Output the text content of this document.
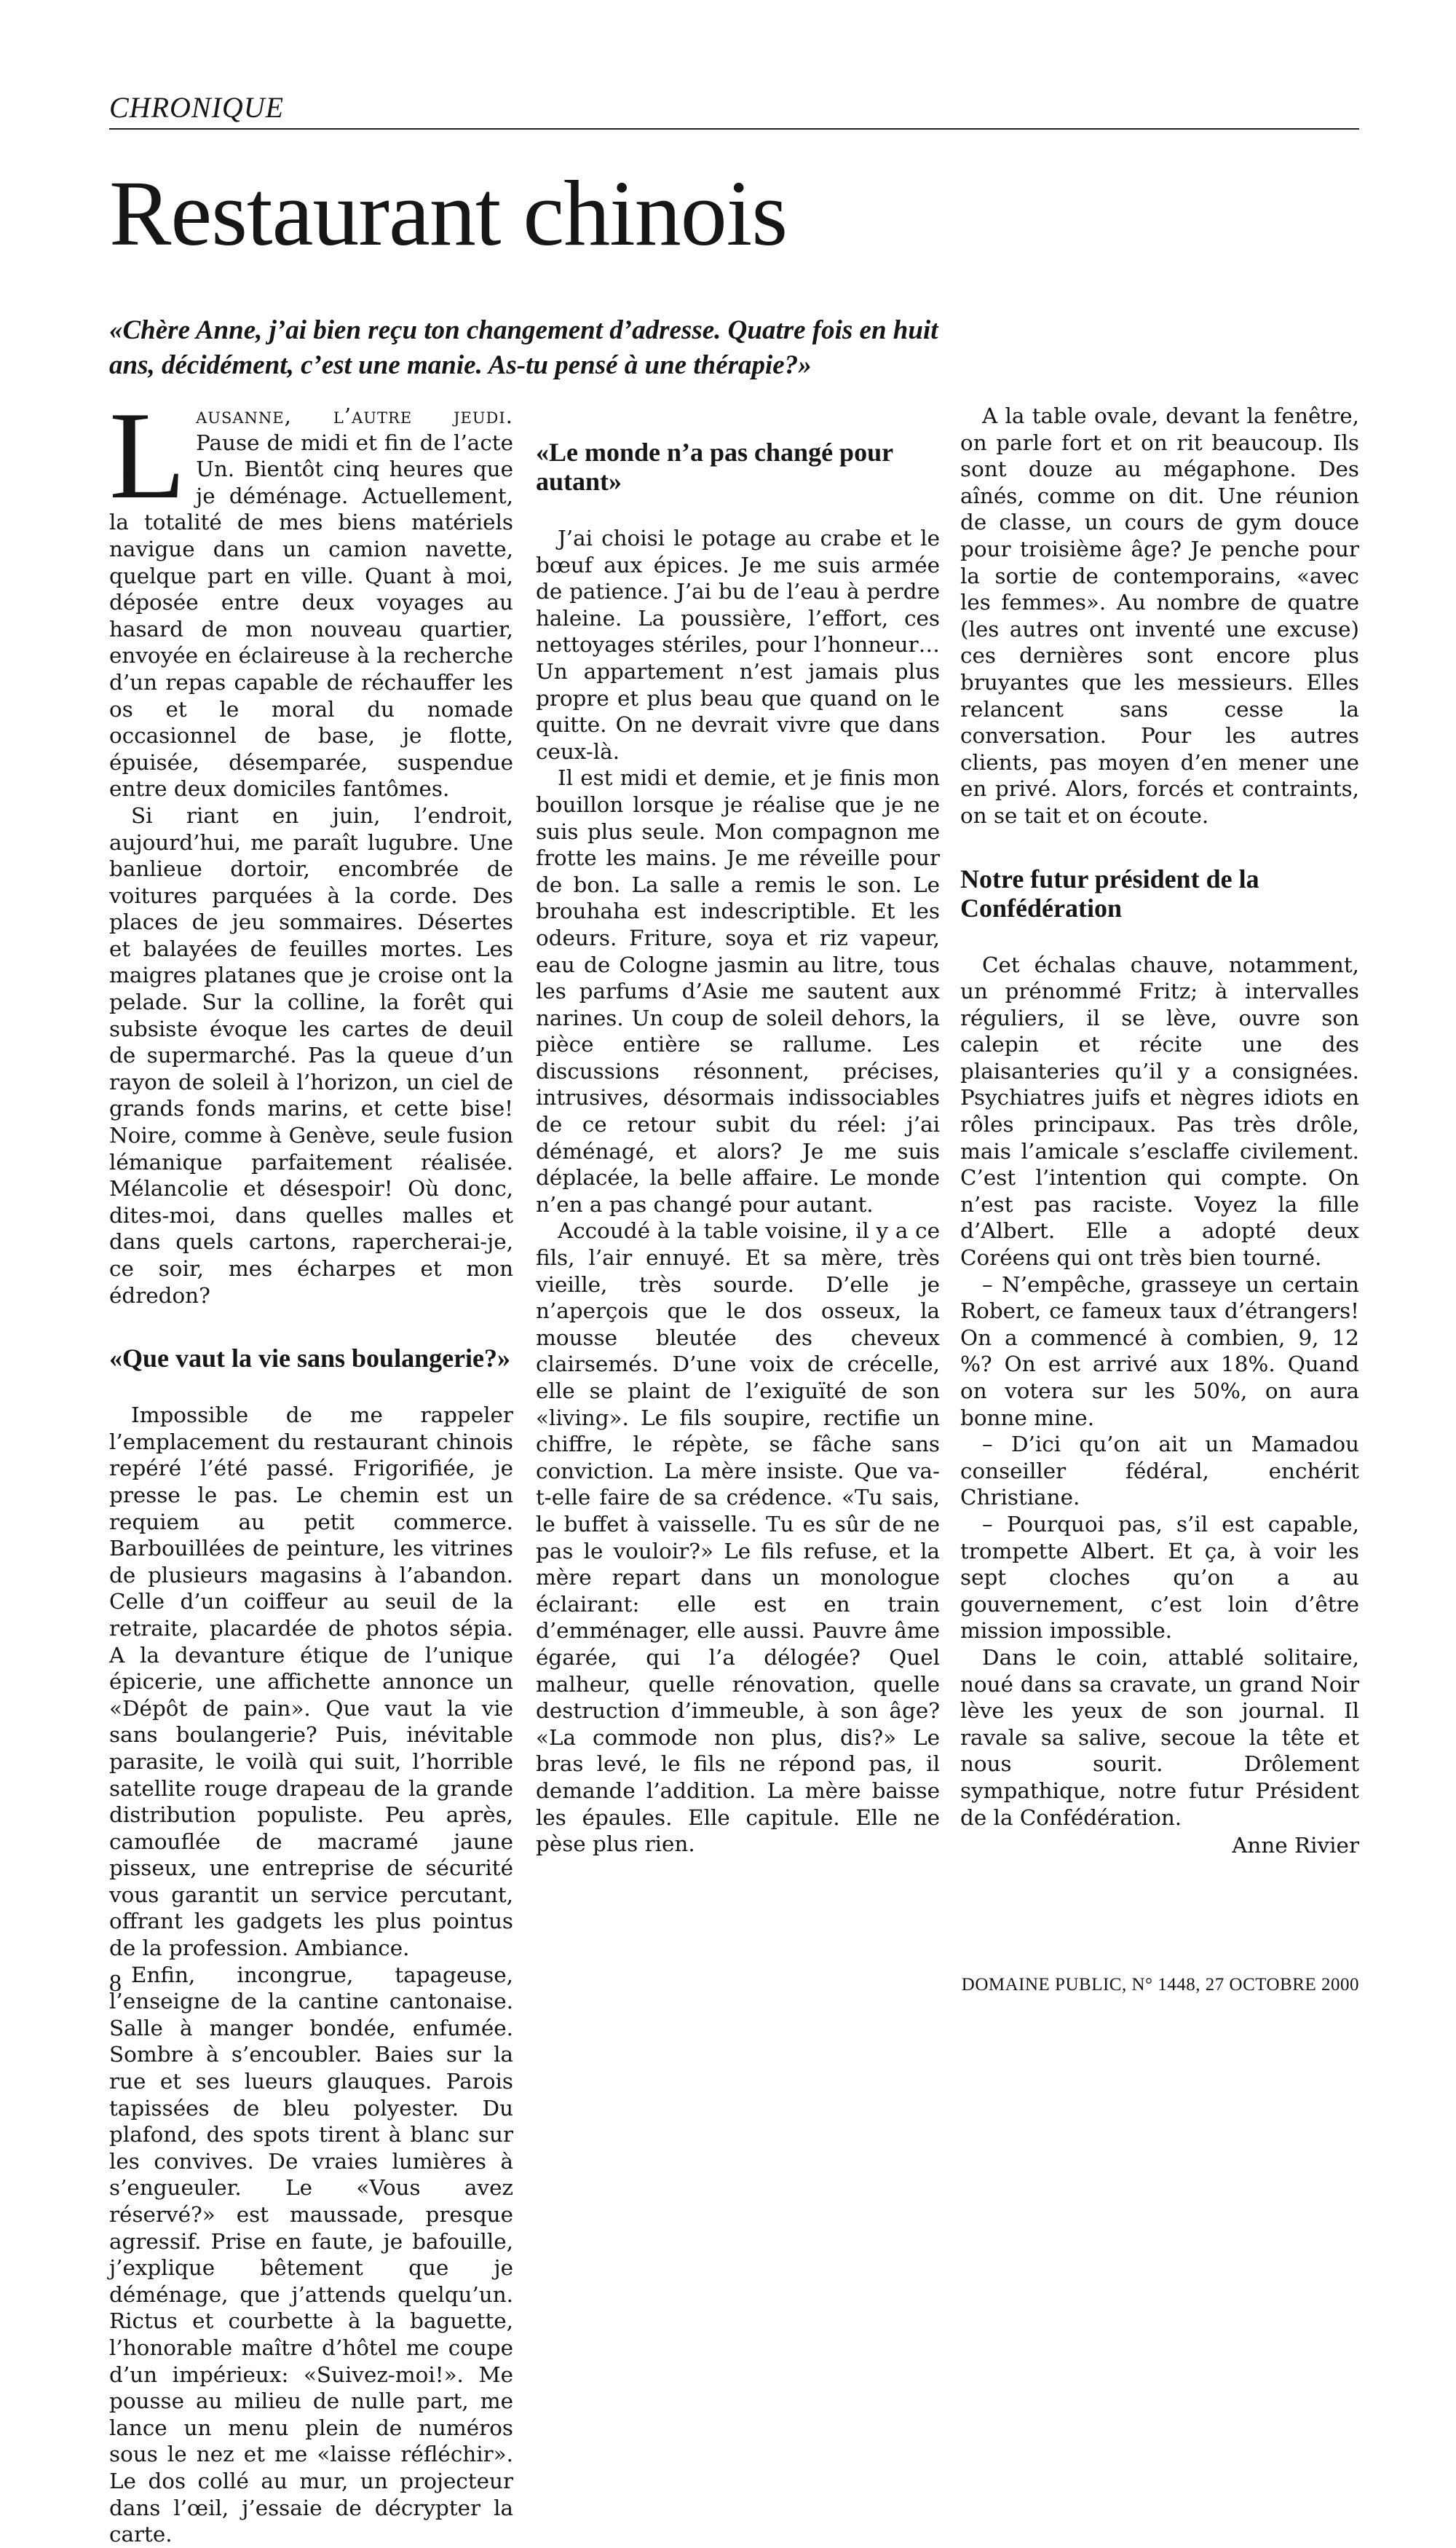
CHRONIQUE
Restaurant chinois

«Chère Anne, j’ai bien reçu ton changement d’adresse. Quatre fois en huit

ans, décidément, c’est une manie. As-tu pensé à une thérapie?»

Lausanne, l’autre jeudi. Pause de midi et fin de l’acte Un. Bientôt cinq heures que je déménage. Actuellement, la totalité de mes biens matériels navigue dans un camion navette, quelque part en ville. Quant à moi, déposée entre deux voyages au hasard de mon nouveau quartier, envoyée en éclaireuse à la recherche d’un repas capable de réchauffer les os et le moral du nomade occasionnel de base, je flotte, épuisée, désemparée, suspendue entre deux domiciles fantômes.

Si riant en juin, l’endroit, aujourd’hui, me paraît lugubre. Une banlieue dortoir, encombrée de voitures parquées à la corde. Des places de jeu sommaires. Désertes et balayées de feuilles mortes. Les maigres platanes que je croise ont la pelade. Sur la colline, la forêt qui subsiste évoque les cartes de deuil de supermarché. Pas la queue d’un rayon de soleil à l’horizon, un ciel de grands fonds marins, et cette bise! Noire, comme à Genève, seule fusion lémanique parfaitement réalisée. Mélancolie et désespoir! Où donc, dites-moi, dans quelles malles et dans quels cartons, rapercherai-je, ce soir, mes écharpes et mon édredon?

«Que vaut la vie sans boulangerie?»

Impossible de me rappeler l’emplacement du restaurant chinois repéré l’été passé. Frigorifiée, je presse le pas. Le chemin est un requiem au petit commerce. Barbouillées de peinture, les vitrines de plusieurs magasins à l’abandon. Celle d’un coiffeur au seuil de la retraite, placardée de photos sépia. A la devanture étique de l’unique épicerie, une affichette annonce un «Dépôt de pain». Que vaut la vie sans boulangerie? Puis, inévitable parasite, le voilà qui suit, l’horrible satellite rouge drapeau de la grande distribution populiste. Peu après, camouflée de macramé jaune pisseux, une entreprise de sécurité vous garantit un service percutant, offrant les gadgets les plus pointus de la profession. Ambiance.

Enfin, incongrue, tapageuse, l’enseigne de la cantine cantonaise. Salle à manger bondée, enfumée. Sombre à s’encoubler. Baies sur la rue et ses lueurs glauques. Parois tapissées de bleu polyester. Du plafond, des spots tirent à blanc sur les convives. De vraies lumières à s’engueuler. Le «Vous avez réservé?» est maussade, presque agressif. Prise en faute, je bafouille, j’explique bêtement que je déménage, que j’attends quelqu’un. Rictus et courbette à la baguette, l’honorable maître d’hôtel me coupe d’un impérieux: «Suivez-moi!». Me pousse au milieu de nulle part, me lance un menu plein de numéros sous le nez et me «laisse réfléchir». Le dos collé au mur, un projecteur dans l’œil, j’essaie de décrypter la carte.

«Le monde n’a pas changé pour autant»

J’ai choisi le potage au crabe et le bœuf aux épices. Je me suis armée de patience. J’ai bu de l’eau à perdre haleine. La poussière, l’effort, ces nettoyages stériles, pour l’honneur… Un appartement n’est jamais plus propre et plus beau que quand on le quitte. On ne devrait vivre que dans ceux-là.

Il est midi et demie, et je finis mon bouillon lorsque je réalise que je ne suis plus seule. Mon compagnon me frotte les mains. Je me réveille pour de bon. La salle a remis le son. Le brouhaha est indescriptible. Et les odeurs. Friture, soya et riz vapeur, eau de Cologne jasmin au litre, tous les parfums d’Asie me sautent aux narines. Un coup de soleil dehors, la pièce entière se rallume. Les discussions résonnent, précises, intrusives, désormais indissociables de ce retour subit du réel: j’ai déménagé, et alors? Je me suis déplacée, la belle affaire. Le monde n’en a pas changé pour autant.

Accoudé à la table voisine, il y a ce fils, l’air ennuyé. Et sa mère, très vieille, très sourde. D’elle je n’aperçois que le dos osseux, la mousse bleutée des cheveux clairsemés. D’une voix de crécelle, elle se plaint de l’exiguïté de son «living». Le fils soupire, rectifie un chiffre, le répète, se fâche sans conviction. La mère insiste. Que va-t-elle faire de sa crédence. «Tu sais, le buffet à vaisselle. Tu es sûr de ne pas le vouloir?» Le fils refuse, et la mère repart dans un monologue éclairant: elle est en train d’emménager, elle aussi. Pauvre âme égarée, qui l’a délogée? Quel malheur, quelle rénovation, quelle destruction d’immeuble, à son âge? «La commode non plus, dis?» Le bras levé, le fils ne répond pas, il demande l’addition. La mère baisse les épaules. Elle capitule. Elle ne pèse plus rien.

A la table ovale, devant la fenêtre, on parle fort et on rit beaucoup. Ils sont douze au mégaphone. Des aînés, comme on dit. Une réunion de classe, un cours de gym douce pour troisième âge? Je penche pour la sortie de contemporains, «avec les femmes». Au nombre de quatre (les autres ont inventé une excuse) ces dernières sont encore plus bruyantes que les messieurs. Elles relancent sans cesse la conversation. Pour les autres clients, pas moyen d’en mener une en privé. Alors, forcés et contraints, on se tait et on écoute.

Notre futur président de la Confédération

Cet échalas chauve, notamment, un prénommé Fritz; à intervalles réguliers, il se lève, ouvre son calepin et récite une des plaisanteries qu’il y a consignées. Psychiatres juifs et nègres idiots en rôles principaux. Pas très drôle, mais l’amicale s’esclaffe civilement. C’est l’intention qui compte. On n’est pas raciste. Voyez la fille d’Albert. Elle a adopté deux Coréens qui ont très bien tourné.

– N’empêche, grasseye un certain Robert, ce fameux taux d’étrangers! On a commencé à combien, 9, 12 %? On est arrivé aux 18%. Quand on votera sur les 50%, on aura bonne mine.

– D’ici qu’on ait un Mamadou conseiller fédéral, enchérit Christiane.

– Pourquoi pas, s’il est capable, trompette Albert. Et ça, à voir les sept cloches qu’on a au gouvernement, c’est loin d’être mission impossible.

Dans le coin, attablé solitaire, noué dans sa cravate, un grand Noir lève les yeux de son journal. Il ravale sa salive, secoue la tête et nous sourit. Drôlement sympathique, notre futur Président de la Confédération.

Anne Rivier

8	DOMAINE PUBLIC, N° 1448, 27 OCTOBRE 2000
